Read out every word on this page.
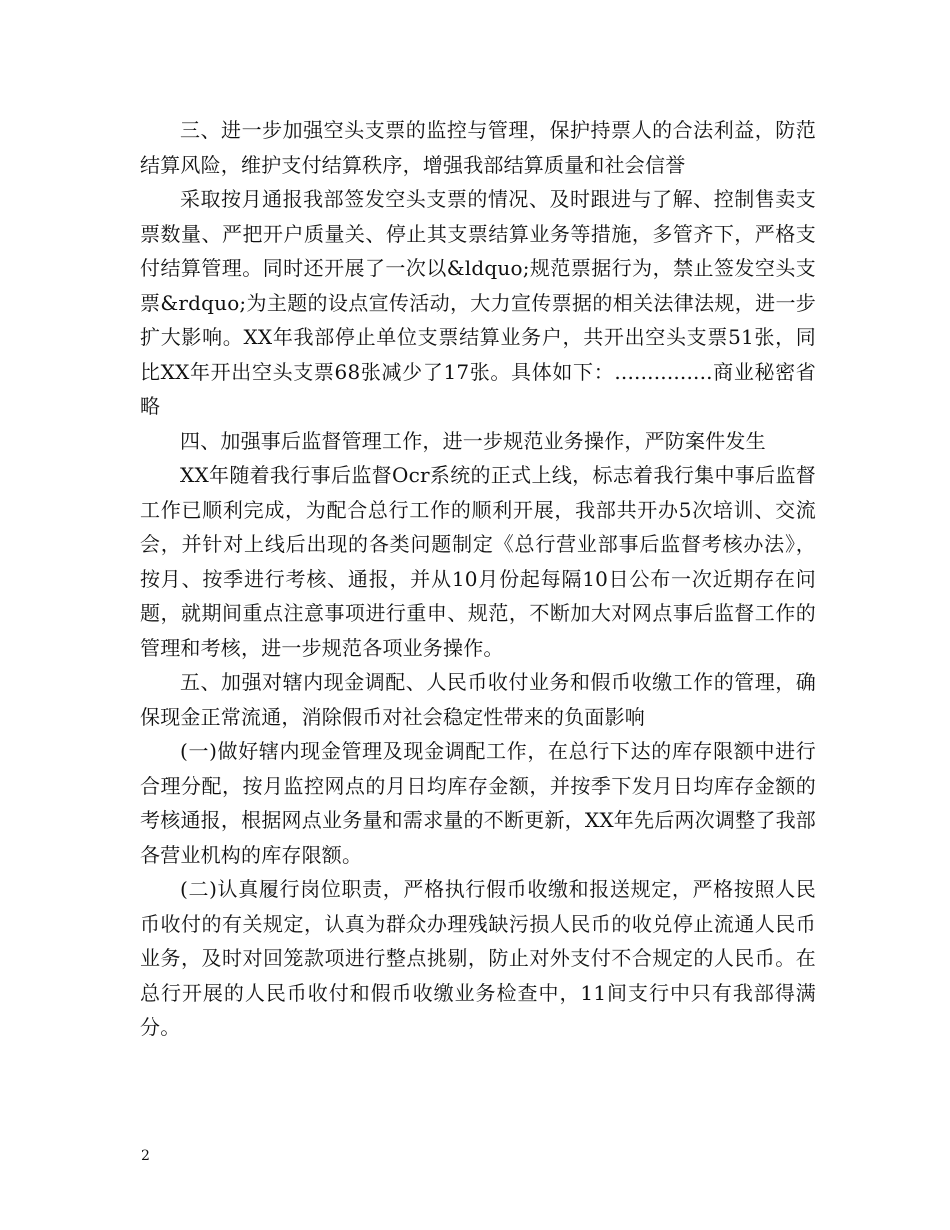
三、进一步加强空头支票的监控与管理，保护持票人的合法利益，防范结算风险，维护支付结算秩序，增强我部结算质量和社会信誉

采取按月通报我部签发空头支票的情况、及时跟进与了解、控制售卖支票数量、严把开户质量关、停止其支票结算业务等措施，多管齐下，严格支付结算管理。同时还开展了一次以&ldquo;规范票据行为，禁止签发空头支票&rdquo;为主题的设点宣传活动，大力宣传票据的相关法律法规，进一步扩大影响。XX年我部停止单位支票结算业务户，共开出空头支票51张，同比XX年开出空头支票68张减少了17张。具体如下：...............商业秘密省略

四、加强事后监督管理工作，进一步规范业务操作，严防案件发生

XX年随着我行事后监督Ocr系统的正式上线，标志着我行集中事后监督工作已顺利完成，为配合总行工作的顺利开展，我部共开办5次培训、交流会，并针对上线后出现的各类问题制定《总行营业部事后监督考核办法》，按月、按季进行考核、通报，并从10月份起每隔10日公布一次近期存在问题，就期间重点注意事项进行重申、规范，不断加大对网点事后监督工作的管理和考核，进一步规范各项业务操作。

五、加强对辖内现金调配、人民币收付业务和假币收缴工作的管理，确保现金正常流通，消除假币对社会稳定性带来的负面影响

(一)做好辖内现金管理及现金调配工作，在总行下达的库存限额中进行合理分配，按月监控网点的月日均库存金额，并按季下发月日均库存金额的考核通报，根据网点业务量和需求量的不断更新，XX年先后两次调整了我部各营业机构的库存限额。

(二)认真履行岗位职责，严格执行假币收缴和报送规定，严格按照人民币收付的有关规定，认真为群众办理残缺污损人民币的收兑停止流通人民币业务，及时对回笼款项进行整点挑剔，防止对外支付不合规定的人民币。在总行开展的人民币收付和假币收缴业务检查中，11间支行中只有我部得满分。

2
